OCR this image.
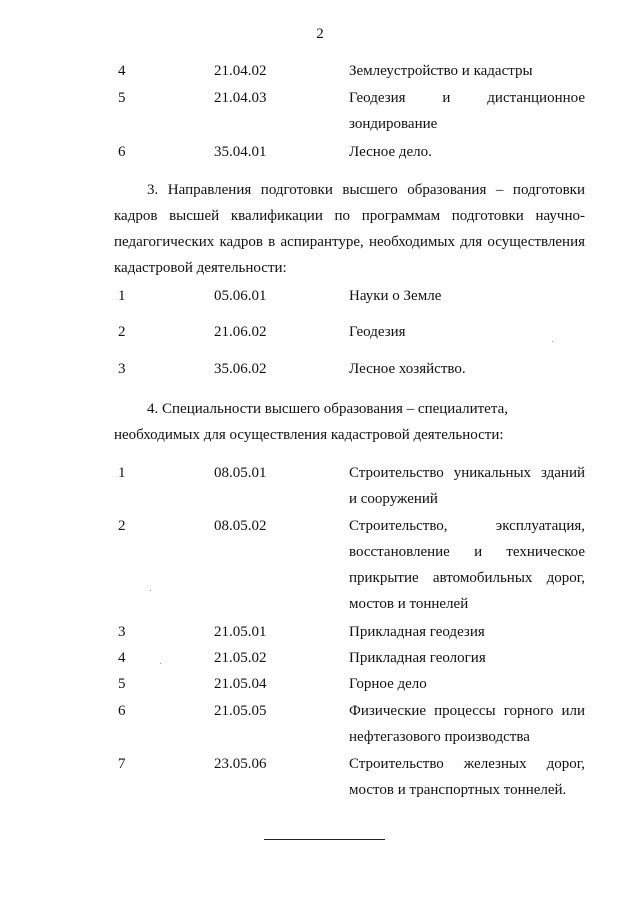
2
4	21.04.02	Землеустройство и кадастры
5	21.04.03	Геодезия и дистанционное
зондирование
6	35.04.01	Лесное дело.
3. Направления подготовки высшего образования – подготовки кадров высшей квалификации по программам подготовки научно-педагогических кадров в аспирантуре, необходимых для осуществления кадастровой деятельности:
1	05.06.01	Науки о Земле
2	21.06.02	Геодезия
3	35.06.02	Лесное хозяйство.
4. Специальности высшего образования – специалитета,
необходимых для осуществления кадастровой деятельности:
1	08.05.01	Строительство уникальных зданий
и сооружений
2	08.05.02	Строительство, эксплуатация,
восстановление и техническое
прикрытие автомобильных дорог,
мостов и тоннелей
3	21.05.01	Прикладная геодезия
4	21.05.02	Прикладная геология
5	21.05.04	Горное дело
6	21.05.05	Физические процессы горного или
нефтегазового производства
7	23.05.06	Строительство железных дорог,
мостов и транспортных тоннелей.
